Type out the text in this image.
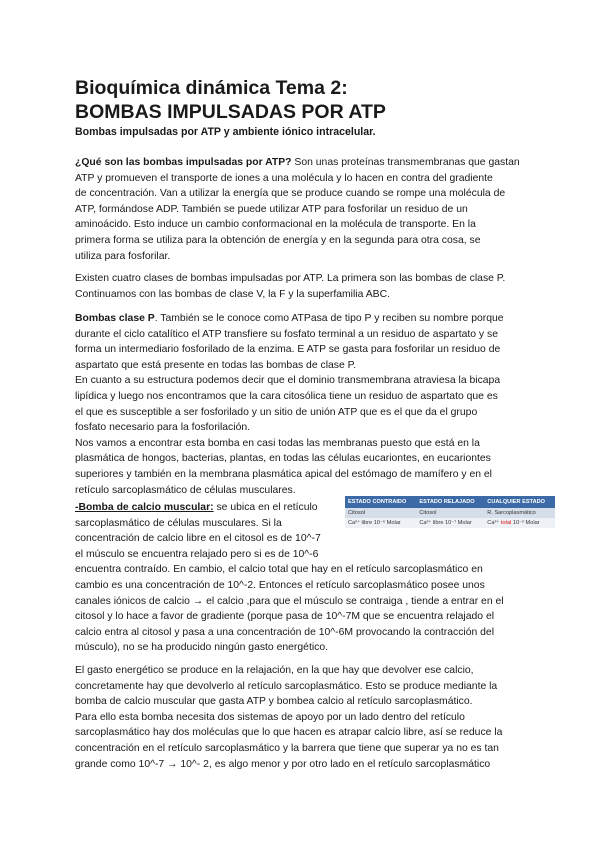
Bioquímica dinámica Tema 2:
BOMBAS IMPULSADAS POR ATP
Bombas impulsadas por ATP y ambiente iónico intracelular.
¿Qué son las bombas impulsadas por ATP? Son unas proteínas transmembranas que gastan
ATP y promueven el transporte de iones a una molécula y lo hacen en contra del gradiente
de concentración. Van a utilizar la energía que se produce cuando se rompe una molécula de
ATP, formándose ADP. También se puede utilizar ATP para fosforilar un residuo de un
aminoácido. Esto induce un cambio conformacional en la molécula de transporte. En la
primera forma se utiliza para la obtención de energía y en la segunda para otra cosa, se
utiliza para fosforilar.
Existen cuatro clases de bombas impulsadas por ATP. La primera son las bombas de clase P.
Continuamos con las bombas de clase V, la F y la superfamilia ABC.
Bombas clase P. También se le conoce como ATPasa de tipo P y reciben su nombre porque
durante el ciclo catalítico el ATP transfiere su fosfato terminal a un residuo de aspartato y se
forma un intermediario fosforilado de la enzima. E ATP se gasta para fosforilar un residuo de
aspartato que está presente en todas las bombas de clase P.
En cuanto a su estructura podemos decir que el dominio transmembrana atraviesa la bicapa
lipídica y luego nos encontramos que la cara citosólica tiene un residuo de aspartato que es
el que es susceptible a ser fosforilado y un sitio de unión ATP que es el que da el grupo
fosfato necesario para la fosforilación.
Nos vamos a encontrar esta bomba en casi todas las membranas puesto que está en la
plasmática de hongos, bacterias, plantas, en todas las células eucariontes, en eucariontes
superiores y también en la membrana plasmática apical del estómago de mamífero y en el
retículo sarcoplasmático de células musculares.
-Bomba de calcio muscular: se ubica en el retículo
sarcoplasmático de células musculares. Si la
concentración de calcio libre en el citosol es de 10^-7
el músculo se encuentra relajado pero si es de 10^-6
encuentra contraído. En cambio, el calcio total que hay en el retículo sarcoplasmático en
cambio es una concentración de 10^-2. Entonces el retículo sarcoplasmático posee unos
canales iónicos de calcio → el calcio ,para que el músculo se contraiga , tiende a entrar en el
citosol y lo hace a favor de gradiente (porque pasa de 10^-7M que se encuentra relajado el
calcio entra al citosol y pasa a una concentración de 10^-6M provocando la contracción del
músculo), no se ha producido ningún gasto energético.
ESTADO CONTRAIDO	ESTADO RELAJADO	CUALQUIER ESTADO
Citosol	Citosol	R. Sarcoplasmático
Ca²⁺ libre 10⁻⁶ Molar	Ca²⁺ libre 10⁻⁷ Molar	Ca²⁺ total 10⁻² Molar
El gasto energético se produce en la relajación, en la que hay que devolver ese calcio,
concretamente hay que devolverlo al retículo sarcoplasmático. Esto se produce mediante la
bomba de calcio muscular que gasta ATP y bombea calcio al retículo sarcoplasmático.
Para ello esta bomba necesita dos sistemas de apoyo por un lado dentro del retículo
sarcoplasmático hay dos moléculas que lo que hacen es atrapar calcio libre, así se reduce la
concentración en el retículo sarcoplasmático y la barrera que tiene que superar ya no es tan
grande como 10^-7 → 10^- 2, es algo menor y por otro lado en el retículo sarcoplasmático
